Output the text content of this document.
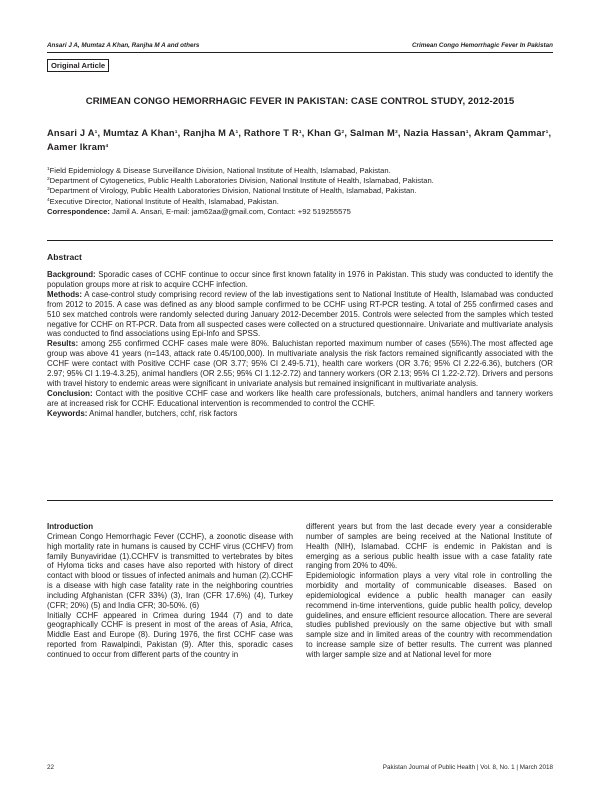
Ansari J A, Mumtaz A Khan, Ranjha M A and others	Crimean Congo Hemorrhagic Fever In Pakistan
Original Article
CRIMEAN CONGO HEMORRHAGIC FEVER IN PAKISTAN: CASE CONTROL STUDY, 2012-2015
Ansari J $A^1$, Mumtaz A Khan$^1$, Ranjha M $A^1$, Rathore T $R^1$, Khan $G^2$, Salman $M^3$, Nazia Hassan$^1$, Akram Qammar$^1$, Aamer Ikram$^4$
$^1$Field Epidemiology & Disease Surveillance Division, National Institute of Health, Islamabad, Pakistan.
$^2$Department of Cytogenetics, Public Health Laboratories Division, National Institute of Health, Islamabad, Pakistan.
$^3$Department of Virology, Public Health Laboratories Division, National Institute of Health, Islamabad, Pakistan.
$^4$Executive Director, National Institute of Health, Islamabad, Pakistan.
Correspondence: Jamil A. Ansari, E-mail: jam62aa@gmail.com, Contact: +92 519255575
Abstract

Background: Sporadic cases of CCHF continue to occur since first known fatality in 1976 in Pakistan. This study was conducted to identify the population groups more at risk to acquire CCHF infection.

Methods: A case-control study comprising record review of the lab investigations sent to National Institute of Health, Islamabad was conducted from 2012 to 2015. A case was defined as any blood sample confirmed to be CCHF using RT-PCR testing. A total of 255 confirmed cases and 510 sex matched controls were randomly selected during January 2012-December 2015. Controls were selected from the samples which tested negative for CCHF on RT-PCR. Data from all suspected cases were collected on a structured questionnaire. Univariate and multivariate analysis was conducted to find associations using Epi-Info and SPSS.

Results: among 255 confirmed CCHF cases male were 80%. Baluchistan reported maximum number of cases (55%).The most affected age group was above 41 years (n=143, attack rate 0.45/100,000). In multivariate analysis the risk factors remained significantly associated with the CCHF were contact with Positive CCHF case (OR 3.77; 95% CI 2.49-5.71), health care workers (OR 3.76; 95% CI 2.22-6.36), butchers (OR 2.97; 95% CI 1.19-4.3.25), animal handlers (OR 2.55; 95% CI 1.12-2.72) and tannery workers (OR 2.13; 95% CI 1.22-2.72). Drivers and persons with travel history to endemic areas were significant in univariate analysis but remained insignificant in multivariate analysis.

Conclusion: Contact with the positive CCHF case and workers like health care professionals, butchers, animal handlers and tannery workers are at increased risk for CCHF. Educational intervention is recommended to control the CCHF.

Keywords: Animal handler, butchers, cchf, risk factors

Introduction

Crimean Congo Hemorrhagic Fever (CCHF), a zoonotic disease with high mortality rate in humans is caused by CCHF virus (CCHFV) from family Bunyaviridae (1).CCHFV is transmitted to vertebrates by bites of Hyloma ticks and cases have also reported with history of direct contact with blood or tissues of infected animals and human (2).CCHF is a disease with high case fatality rate in the neighboring countries including Afghanistan (CFR 33%) (3), Iran (CFR 17.6%) (4), Turkey (CFR; 20%) (5) and India CFR; 30-50%. (6)

Initially CCHF appeared in Crimea during 1944 (7) and to date geographically CCHF is present in most of the areas of Asia, Africa, Middle East and Europe (8). During 1976, the first CCHF case was reported from Rawalpindi, Pakistan (9). After this, sporadic cases continued to occur from different parts of the country in

different years but from the last decade every year a considerable number of samples are being received at the National Institute of Health (NIH), Islamabad. CCHF is endemic in Pakistan and is emerging as a serious public health issue with a case fatality rate ranging from 20% to 40%.

Epidemiologic information plays a very vital role in controlling the morbidity and mortality of communicable diseases. Based on epidemiological evidence a public health manager can easily recommend in-time interventions, guide public health policy, develop guidelines, and ensure efficient resource allocation. There are several studies published previously on the same objective but with small sample size and in limited areas of the country with recommendation to increase sample size of better results. The current was planned with larger sample size and at National level for more

22	Pakistan Journal of Public Health | Vol. 8, No. 1 | March 2018
